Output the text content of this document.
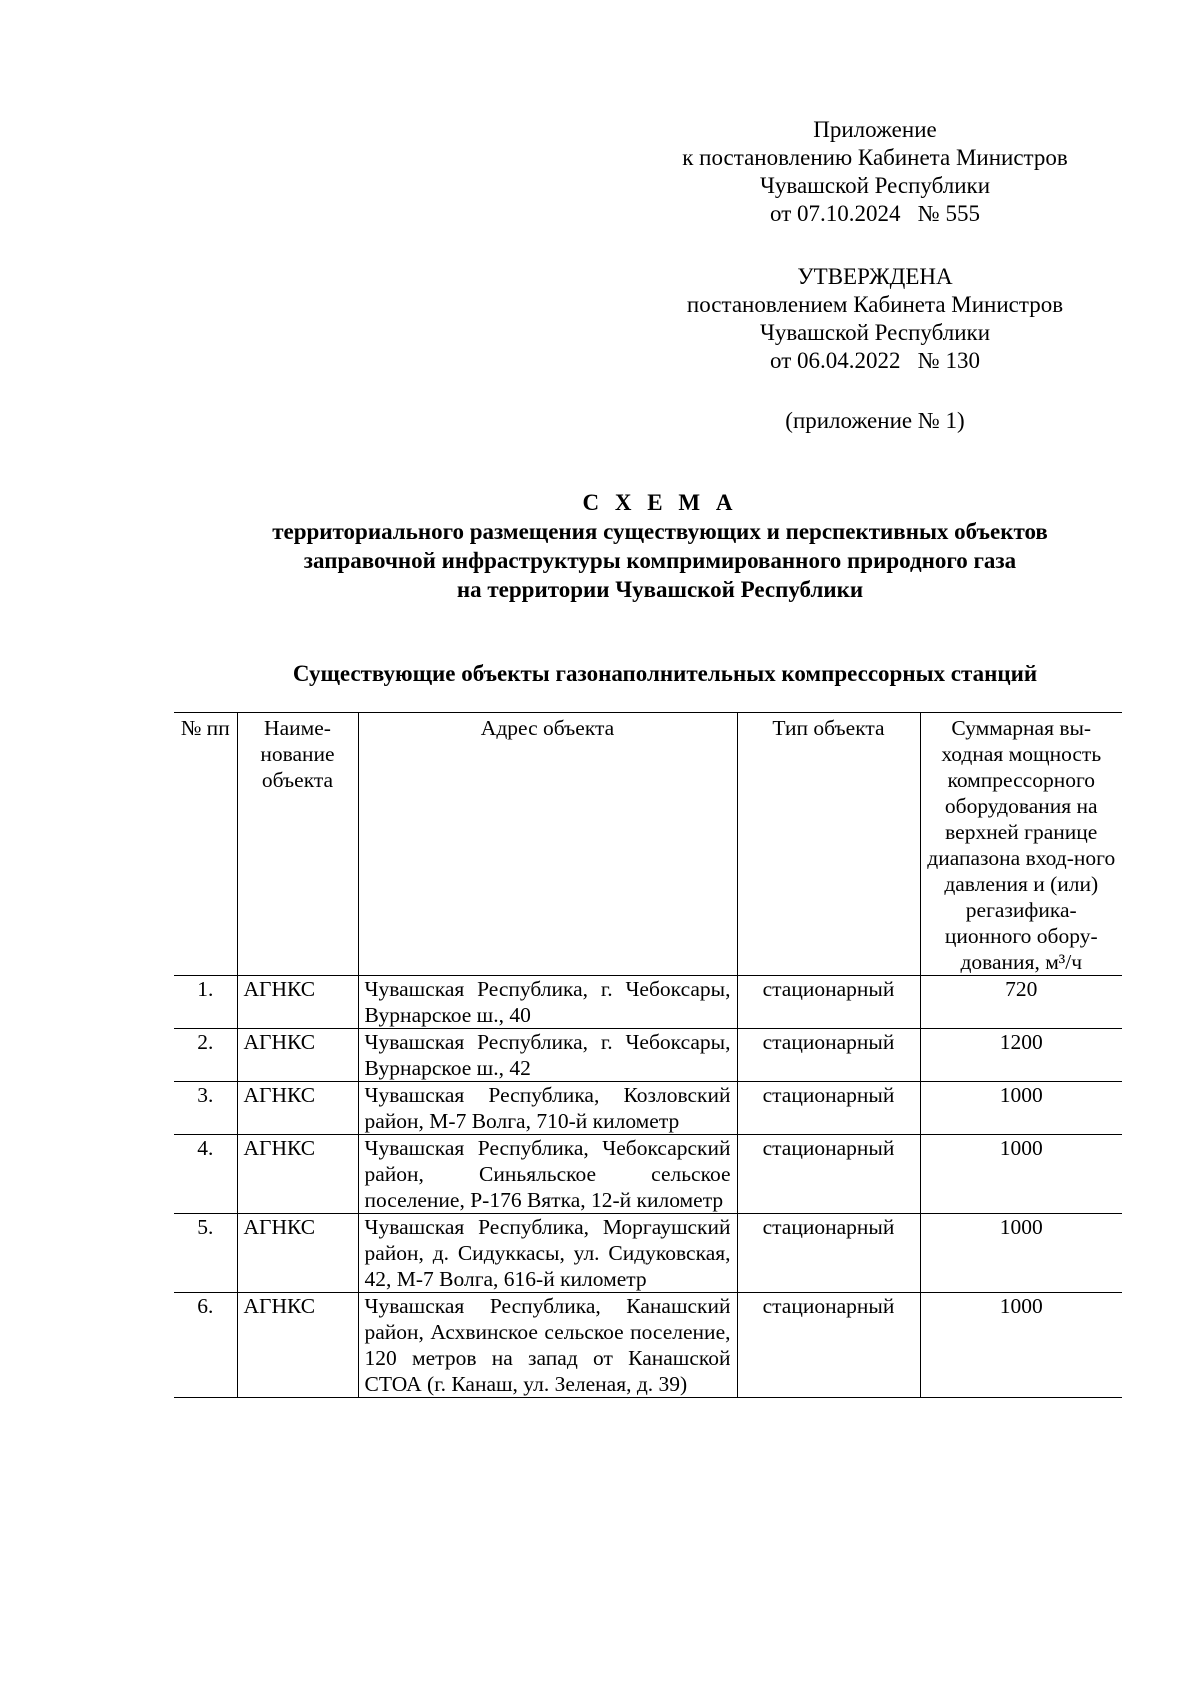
Приложение
к постановлению Кабинета Министров
Чувашской Республики
от 07.10.2024   № 555
УТВЕРЖДЕНА
постановлением Кабинета Министров
Чувашской Республики
от 06.04.2022   № 130
(приложение № 1)
С Х Е М А
территориального размещения существующих и перспективных объектов
заправочной инфраструктуры компримированного природного газа
на территории Чувашской Республики
Существующие объекты газонаполнительных компрессорных станций
№ пп	Наиме-нование объекта	Адрес объекта	Тип объекта	Суммарная вы-ходная мощность компрессорного оборудования на верхней границе диапазона вход-ного давления и (или) регазифика-ционного обору-дования, м³/ч
1.	АГНКС	Чувашская Республика, г. Чебоксары, Вурнарское ш., 40	стационарный	720
2.	АГНКС	Чувашская Республика, г. Чебоксары, Вурнарское ш., 42	стационарный	1200
3.	АГНКС	Чувашская Республика, Козловский район, М-7 Волга, 710-й километр	стационарный	1000
4.	АГНКС	Чувашская Республика, Чебоксарский район, Синьяльское сельское поселение, Р-176 Вятка, 12-й километр	стационарный	1000
5.	АГНКС	Чувашская Республика, Моргаушский район, д. Сидуккасы, ул. Сидуковская, 42, М-7 Волга, 616-й километр	стационарный	1000
6.	АГНКС	Чувашская Республика, Канашский район, Асхвинское сельское поселение, 120 метров на запад от Канашской СТОА (г. Канаш, ул. Зеленая, д. 39)	стационарный	1000
